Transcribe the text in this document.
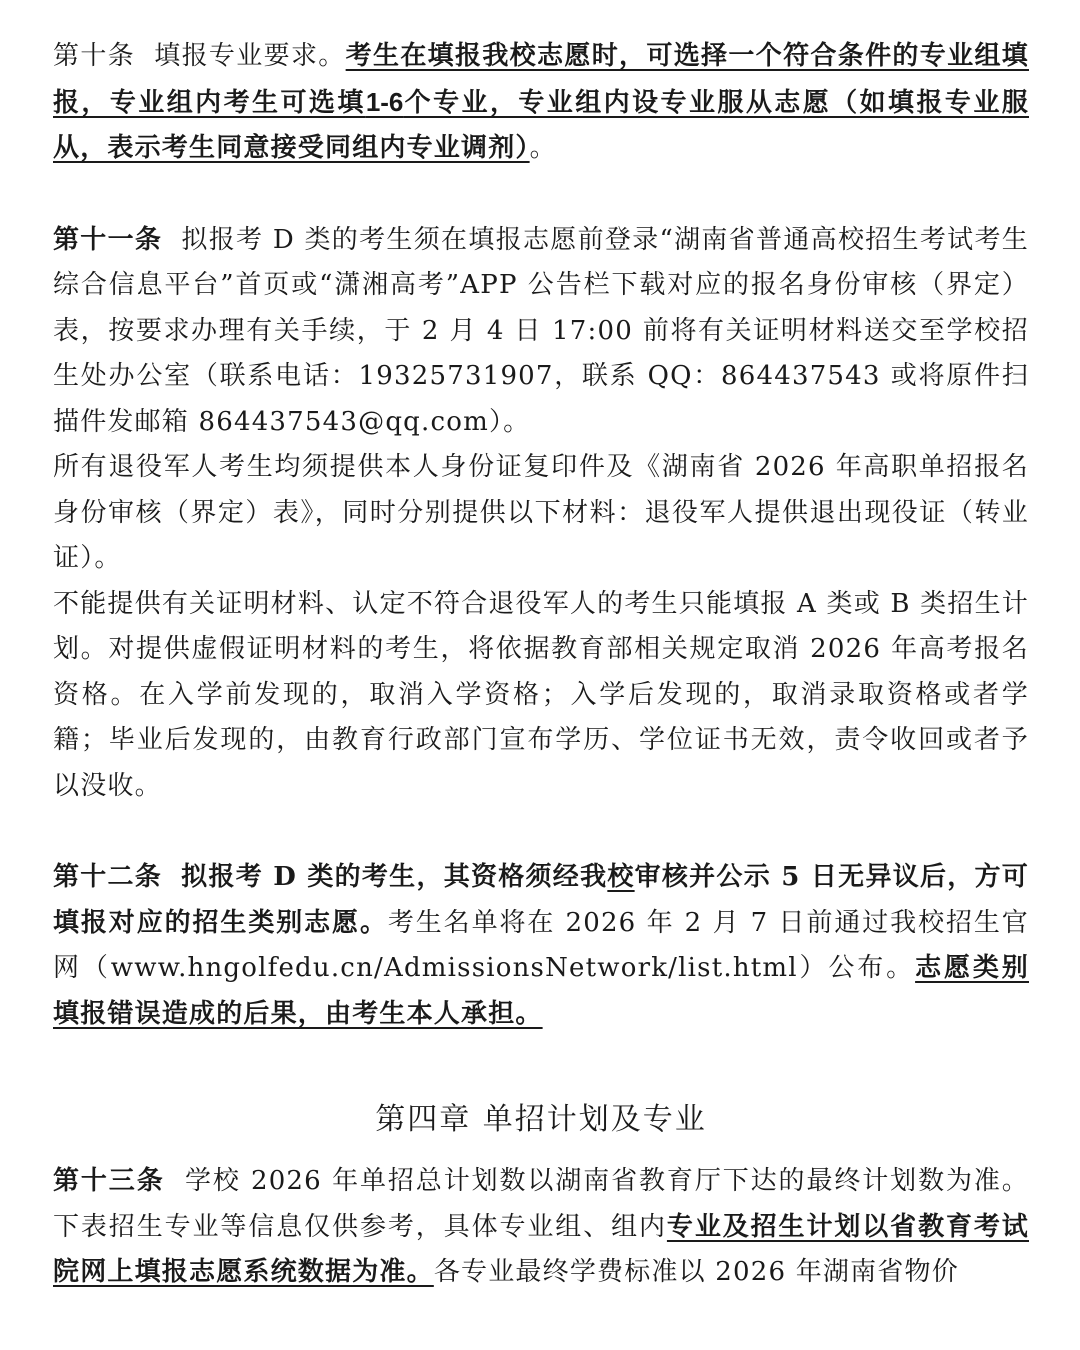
第十条 填报专业要求。考生在填报我校志愿时，可选择一个符合条件的专业组填报，专业组内考生可选填1-6个专业，专业组内设专业服从志愿（如填报专业服从，表示考生同意接受同组内专业调剂）。

第十一条 拟报考 D 类的考生须在填报志愿前登录“湖南省普通高校招生考试考生综合信息平台”首页或“潇湘高考”APP 公告栏下载对应的报名身份审核（界定）表，按要求办理有关手续，于 2 月 4 日 17:00 前将有关证明材料送交至学校招生处办公室（联系电话：19325731907，联系 QQ：864437543 或将原件扫描件发邮箱 864437543@qq.com）。

所有退役军人考生均须提供本人身份证复印件及《湖南省 2026 年高职单招报名身份审核（界定）表》，同时分别提供以下材料：退役军人提供退出现役证（转业证）。

不能提供有关证明材料、认定不符合退役军人的考生只能填报 A 类或 B 类招生计划。对提供虚假证明材料的考生，将依据教育部相关规定取消 2026 年高考报名资格。在入学前发现的，取消入学资格；入学后发现的，取消录取资格或者学籍；毕业后发现的，由教育行政部门宣布学历、学位证书无效，责令收回或者予以没收。

第十二条 拟报考 D 类的考生，其资格须经我校审核并公示 5 日无异议后，方可填报对应的招生类别志愿。考生名单将在 2026 年 2 月 7 日前通过我校招生官网（www.hngolfedu.cn/AdmissionsNetwork/list.html）公布。志愿类别填报错误造成的后果，由考生本人承担。

第四章 单招计划及专业

第十三条 学校 2026 年单招总计划数以湖南省教育厅下达的最终计划数为准。下表招生专业等信息仅供参考，具体专业组、组内专业及招生计划以省教育考试院网上填报志愿系统数据为准。各专业最终学费标准以 2026 年湖南省物价
